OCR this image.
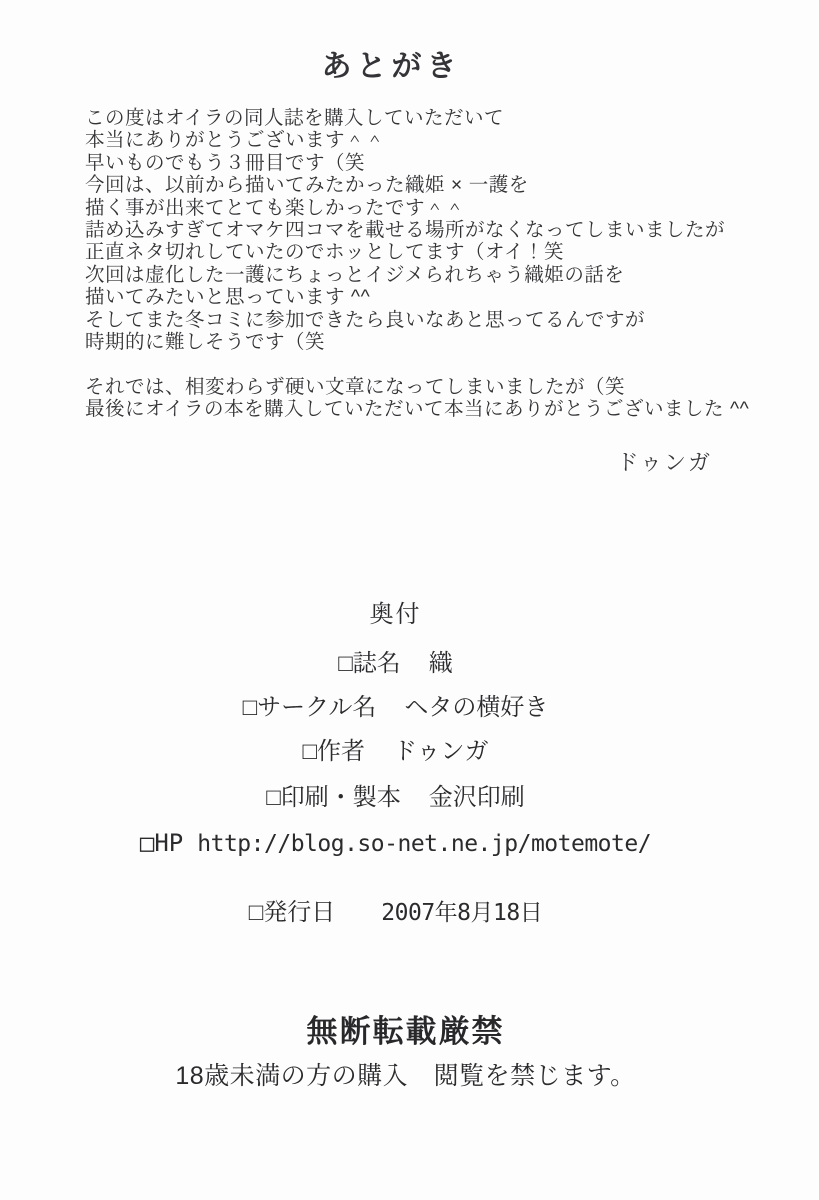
あとがき
この度はオイラの同人誌を購入していただいて
本当にありがとうございます＾＾
早いものでもう３冊目です（笑
今回は、以前から描いてみたかった織姫 × 一護を
描く事が出来てとても楽しかったです＾＾
詰め込みすぎてオマケ四コマを載せる場所がなくなってしまいましたが
正直ネタ切れしていたのでホッとしてます（オイ！笑
次回は虚化した一護にちょっとイジメられちゃう織姫の話を
描いてみたいと思っています ^^
そしてまた冬コミに参加できたら良いなあと思ってるんですが
時期的に難しそうです（笑
それでは、相変わらず硬い文章になってしまいましたが（笑
最後にオイラの本を購入していただいて本当にありがとうございました ^^
ドゥンガ
奥付
□誌名 織
□サークル名 ヘタの横好き
□作者 ドゥンガ
□印刷・製本 金沢印刷
□HP http://blog.so-net.ne.jp/motemote/
□発行日 2007年8月18日
無断転載厳禁
18歳未満の方の購入　閲覧を禁じます。
